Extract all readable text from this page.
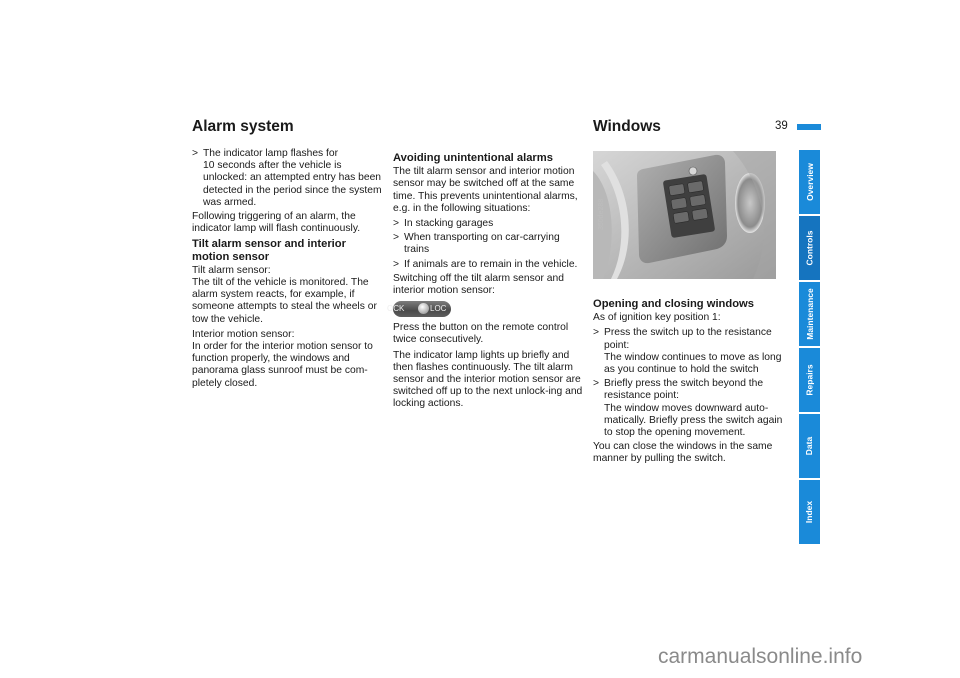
Alarm system	Windows	39
> The indicator lamp flashes for
10 seconds after the vehicle is unlocked: an attempted entry has been detected in the period since the system was armed.

Following triggering of an alarm, the indicator lamp will flash continuously.

Tilt alarm sensor and interior motion sensor

Tilt alarm sensor:
The tilt of the vehicle is monitored. The alarm system reacts, for example, if someone attempts to steal the wheels or tow the vehicle.

Interior motion sensor:
In order for the interior motion sensor to function properly, the windows and panorama glass sunroof must be com-pletely closed.

Avoiding unintentional alarms

The tilt alarm sensor and interior motion sensor may be switched off at the same time. This prevents unintentional alarms, e.g. in the following situations:

> In stacking garages
> When transporting on car-carrying trains
> If animals are to remain in the vehicle.

Switching off the tilt alarm sensor and interior motion sensor:

OCK	LOC

Press the button on the remote control twice consecutively.

The indicator lamp lights up briefly and then flashes continuously. The tilt alarm sensor and the interior motion sensor are switched off up to the next unlock-ing and locking actions.

350de288
Opening and closing windows

As of ignition key position 1:

> Press the switch up to the resistance point:
The window continues to move as long as you continue to hold the switch
> Briefly press the switch beyond the resistance point:
The window moves downward auto-matically. Briefly press the switch again to stop the opening movement.

You can close the windows in the same manner by pulling the switch.

Overview
Controls
Maintenance
Repairs
Data
Index
carmanualsonline.info
